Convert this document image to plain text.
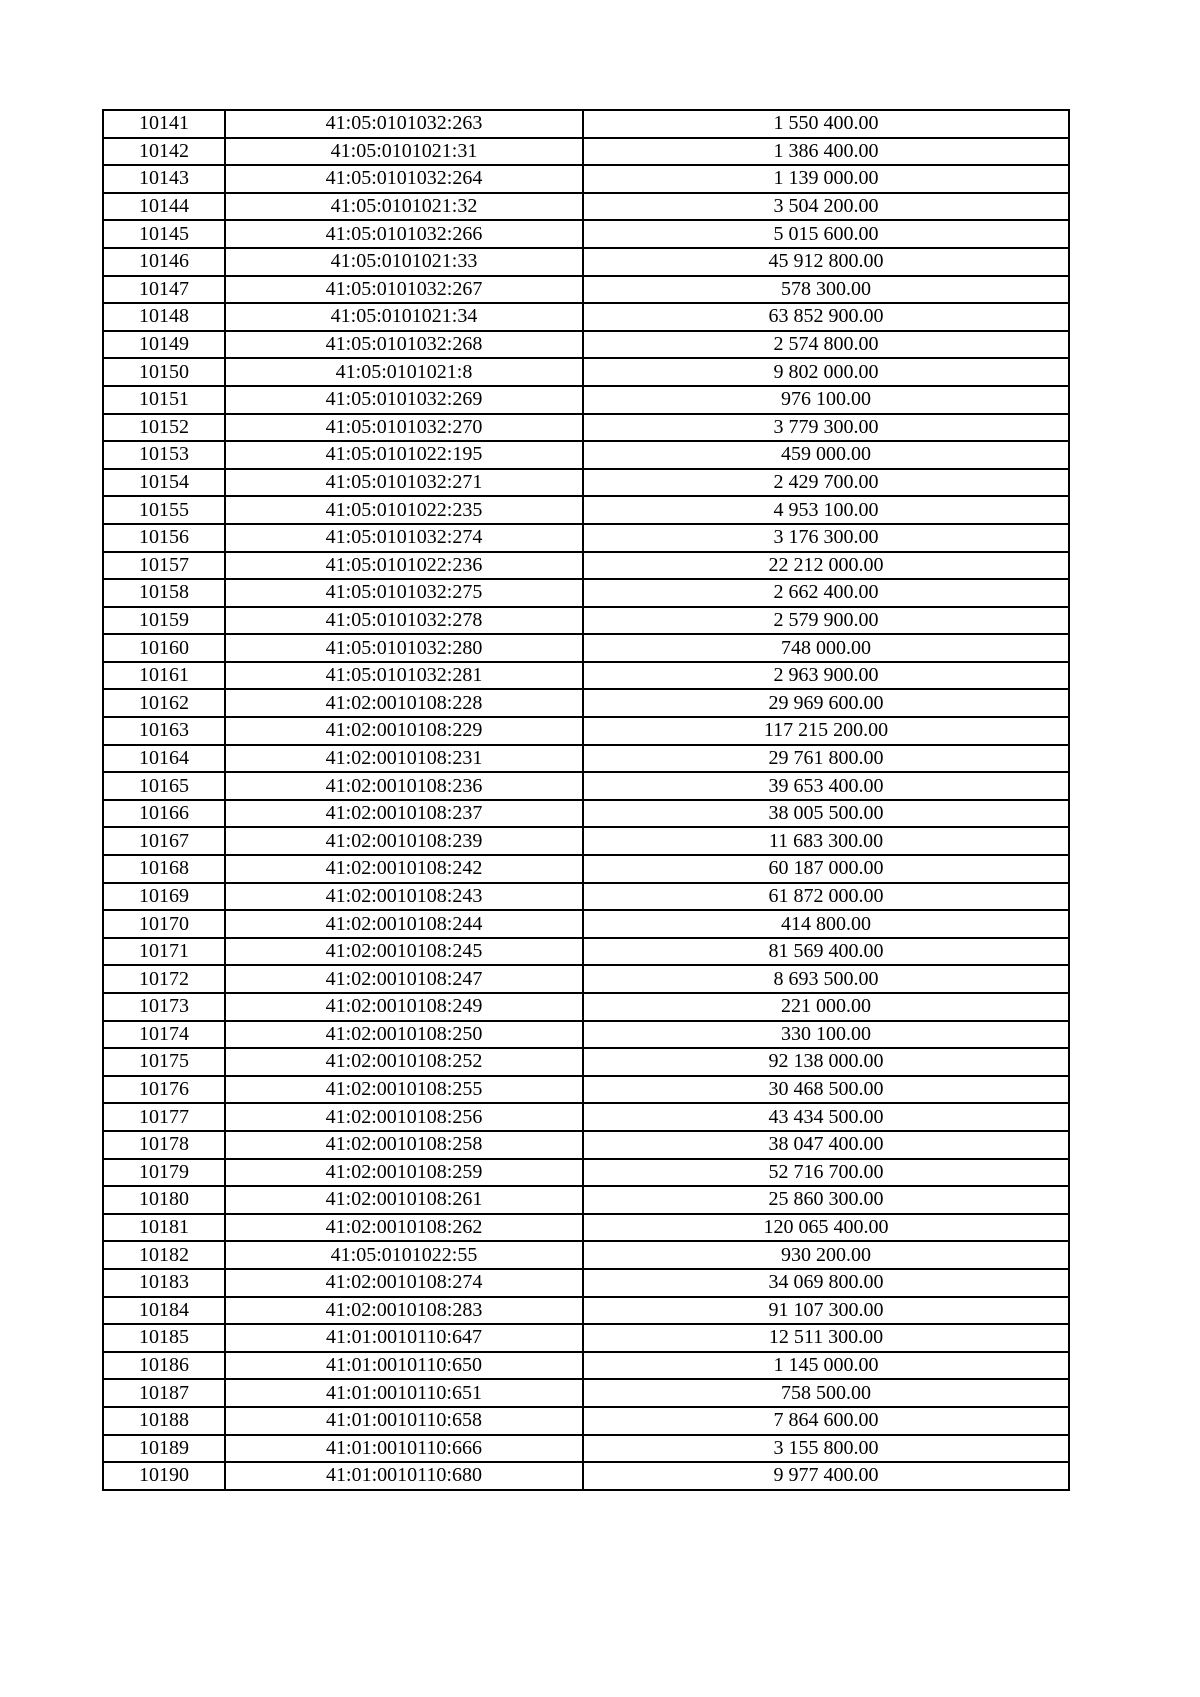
10141	41:05:0101032:263	1 550 400.00
10142	41:05:0101021:31	1 386 400.00
10143	41:05:0101032:264	1 139 000.00
10144	41:05:0101021:32	3 504 200.00
10145	41:05:0101032:266	5 015 600.00
10146	41:05:0101021:33	45 912 800.00
10147	41:05:0101032:267	578 300.00
10148	41:05:0101021:34	63 852 900.00
10149	41:05:0101032:268	2 574 800.00
10150	41:05:0101021:8	9 802 000.00
10151	41:05:0101032:269	976 100.00
10152	41:05:0101032:270	3 779 300.00
10153	41:05:0101022:195	459 000.00
10154	41:05:0101032:271	2 429 700.00
10155	41:05:0101022:235	4 953 100.00
10156	41:05:0101032:274	3 176 300.00
10157	41:05:0101022:236	22 212 000.00
10158	41:05:0101032:275	2 662 400.00
10159	41:05:0101032:278	2 579 900.00
10160	41:05:0101032:280	748 000.00
10161	41:05:0101032:281	2 963 900.00
10162	41:02:0010108:228	29 969 600.00
10163	41:02:0010108:229	117 215 200.00
10164	41:02:0010108:231	29 761 800.00
10165	41:02:0010108:236	39 653 400.00
10166	41:02:0010108:237	38 005 500.00
10167	41:02:0010108:239	11 683 300.00
10168	41:02:0010108:242	60 187 000.00
10169	41:02:0010108:243	61 872 000.00
10170	41:02:0010108:244	414 800.00
10171	41:02:0010108:245	81 569 400.00
10172	41:02:0010108:247	8 693 500.00
10173	41:02:0010108:249	221 000.00
10174	41:02:0010108:250	330 100.00
10175	41:02:0010108:252	92 138 000.00
10176	41:02:0010108:255	30 468 500.00
10177	41:02:0010108:256	43 434 500.00
10178	41:02:0010108:258	38 047 400.00
10179	41:02:0010108:259	52 716 700.00
10180	41:02:0010108:261	25 860 300.00
10181	41:02:0010108:262	120 065 400.00
10182	41:05:0101022:55	930 200.00
10183	41:02:0010108:274	34 069 800.00
10184	41:02:0010108:283	91 107 300.00
10185	41:01:0010110:647	12 511 300.00
10186	41:01:0010110:650	1 145 000.00
10187	41:01:0010110:651	758 500.00
10188	41:01:0010110:658	7 864 600.00
10189	41:01:0010110:666	3 155 800.00
10190	41:01:0010110:680	9 977 400.00
